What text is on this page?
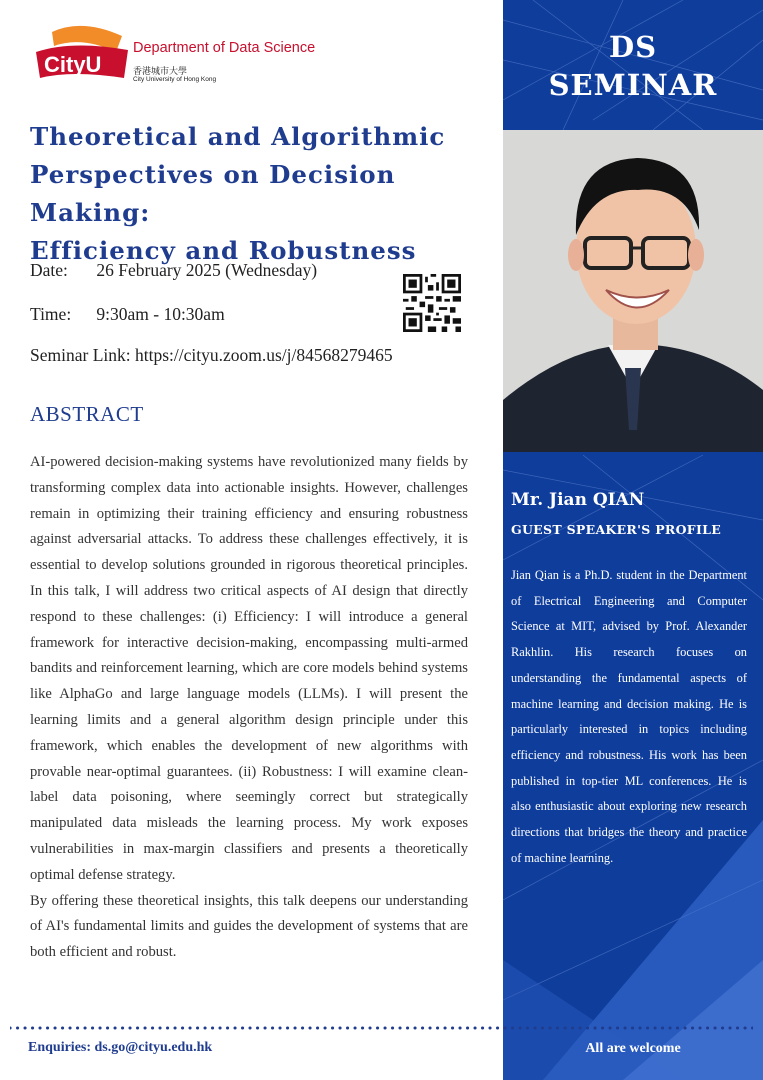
DS
SEMINAR
Mr. Jian QIAN
GUEST SPEAKER'S PROFILE
Jian Qian is a Ph.D. student in the Department of Electrical Engineering and Computer Science at MIT, advised by Prof. Alexander Rakhlin. His research focuses on understanding the fundamental aspects of machine learning and decision making. He is particularly interested in topics including efficiency and robustness. His work has been published in top-tier ML conferences. He is also enthusiastic about exploring new research directions that bridges the theory and practice of machine learning.
All are welcome
CityU
Department of Data Science
香港城市大學
City University of Hong Kong
Theoretical and Algorithmic
Perspectives on Decision Making:
Efficiency and Robustness
Date: 26 February 2025 (Wednesday)
Time: 9:30am - 10:30am
Seminar Link: https://cityu.zoom.us/j/84568279465
ABSTRACT

AI-powered decision-making systems have revolutionized many fields by transforming complex data into actionable insights. However, challenges remain in optimizing their training efficiency and ensuring robustness against adversarial attacks. To address these challenges effectively, it is essential to develop solutions grounded in rigorous theoretical principles. In this talk, I will address two critical aspects of AI design that directly respond to these challenges: (i) Efficiency: I will introduce a general framework for interactive decision-making, encompassing multi-armed bandits and reinforcement learning, which are core models behind systems like AlphaGo and large language models (LLMs). I will present the learning limits and a general algorithm design principle under this framework, which enables the development of new algorithms with provable near-optimal guarantees. (ii) Robustness: I will examine clean-label data poisoning, where seemingly correct but strategically manipulated data misleads the learning process. My work exposes vulnerabilities in max-margin classifiers and presents a theoretically optimal defense strategy.

By offering these theoretical insights, this talk deepens our understanding of AI's fundamental limits and guides the development of systems that are both efficient and robust.

Enquiries: ds.go@cityu.edu.hk
